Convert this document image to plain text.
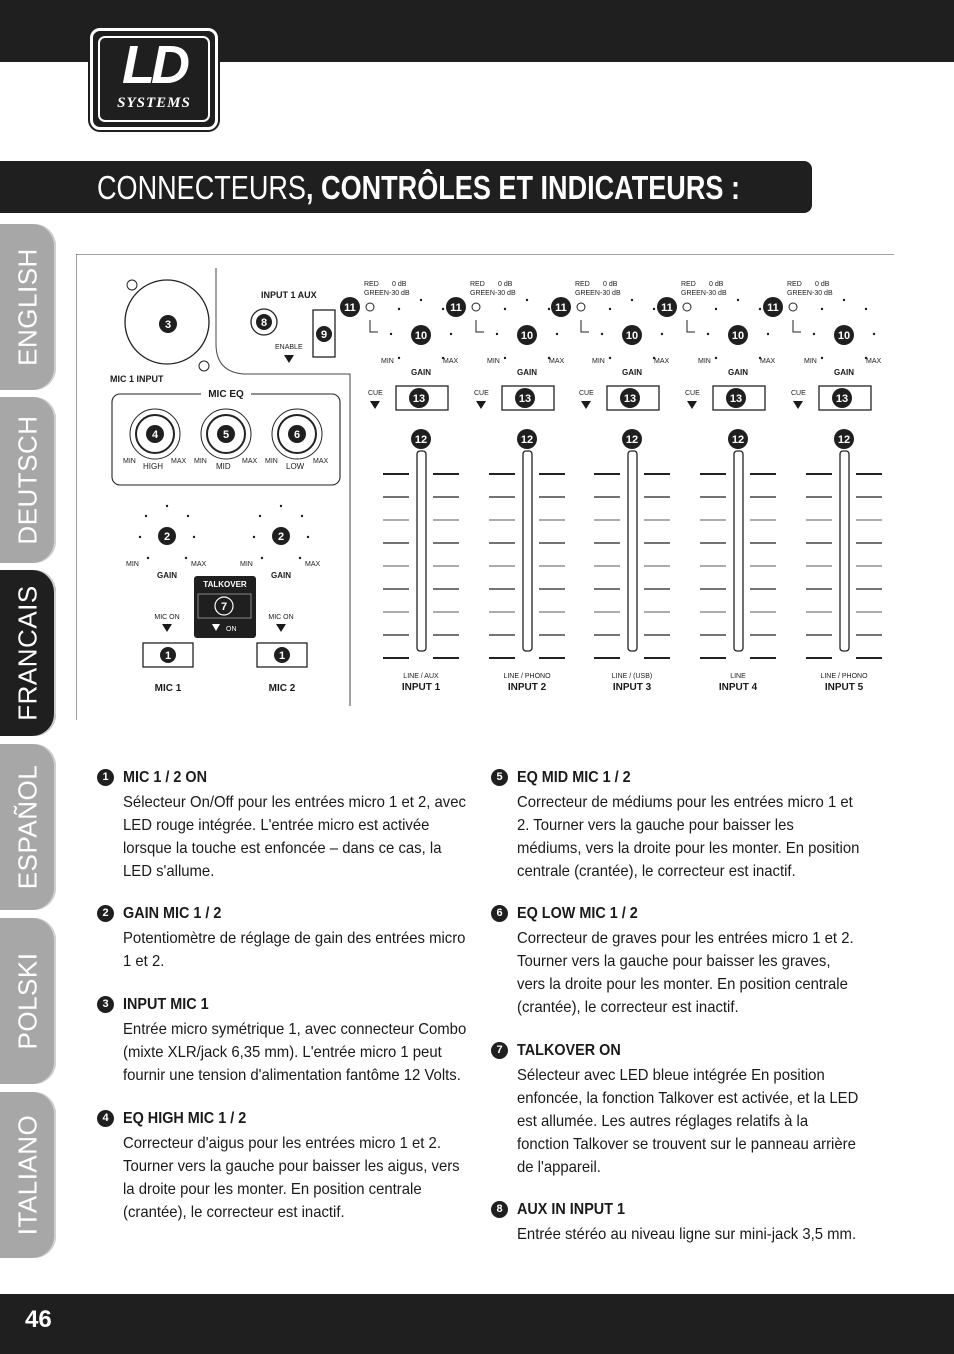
LD
SYSTEMS
CONNECTEURS, CONTRÔLES ET INDICATEURS :
ENGLISH
DEUTSCH
FRANCAIS
ESPAÑOL
POLSKI
ITALIANO
3
MIC 1 INPUT
INPUT 1 AUX
8
9
ENABLE
MIC EQ
4	5	6
MIN	MAX MIN	MAX MIN	MAX
HIGH	MID	LOW
2	2
MIN	MAX	MIN	MAX
GAIN	GAIN
7
TALKOVER
ON
MIC ON	MIC ON
1	1
MIC 1	MIC 2
RED 0 dB
GREEN -30 dB
11
10
MIN	MAX
GAIN
CUE	13
12
LINE / AUX
INPUT 1
RED 0 dB
GREEN -30 dB
11
10
MIN	MAX
GAIN
CUE	13
12
LINE / PHONO
INPUT 2
RED 0 dB
GREEN -30 dB
11
10
MIN	MAX
GAIN
CUE	13
12
LINE / (USB)
INPUT 3
RED 0 dB
GREEN -30 dB
11
10
MIN	MAX
GAIN
CUE	13
12
LINE
INPUT 4
RED 0 dB
GREEN -30 dB
11
10
MIN	MAX
GAIN
CUE	13
12
LINE / PHONO
INPUT 5
1 MIC 1 / 2 ON

Sélecteur On/Off pour les entrées micro 1 et 2, avec LED rouge intégrée. L'entrée micro est activée lorsque la touche est enfoncée – dans ce cas, la LED s'allume.

2 GAIN MIC 1 / 2

Potentiomètre de réglage de gain des entrées micro 1 et 2.

3 INPUT MIC 1

Entrée micro symétrique 1, avec connecteur Combo (mixte XLR/jack 6,35 mm). L'entrée micro 1 peut fournir une tension d'alimentation fantôme 12 Volts.

4 EQ HIGH MIC 1 / 2

Correcteur d'aigus pour les entrées micro 1 et 2. Tourner vers la gauche pour baisser les aigus, vers la droite pour les monter. En position centrale (crantée), le correcteur est inactif.

5 EQ MID MIC 1 / 2

Correcteur de médiums pour les entrées micro 1 et 2. Tourner vers la gauche pour baisser les médiums, vers la droite pour les monter. En position centrale (crantée), le correcteur est inactif.

6 EQ LOW MIC 1 / 2

Correcteur de graves pour les entrées micro 1 et 2. Tourner vers la gauche pour baisser les graves, vers la droite pour les monter. En position centrale (crantée), le correcteur est inactif.

7 TALKOVER ON

Sélecteur avec LED bleue intégrée En position enfoncée, la fonction Talkover est activée, et la LED est allumée. Les autres réglages relatifs à la fonction Talkover se trouvent sur le panneau arrière de l'appareil.

8 AUX IN INPUT 1

Entrée stéréo au niveau ligne sur mini-jack 3,5 mm.

46
